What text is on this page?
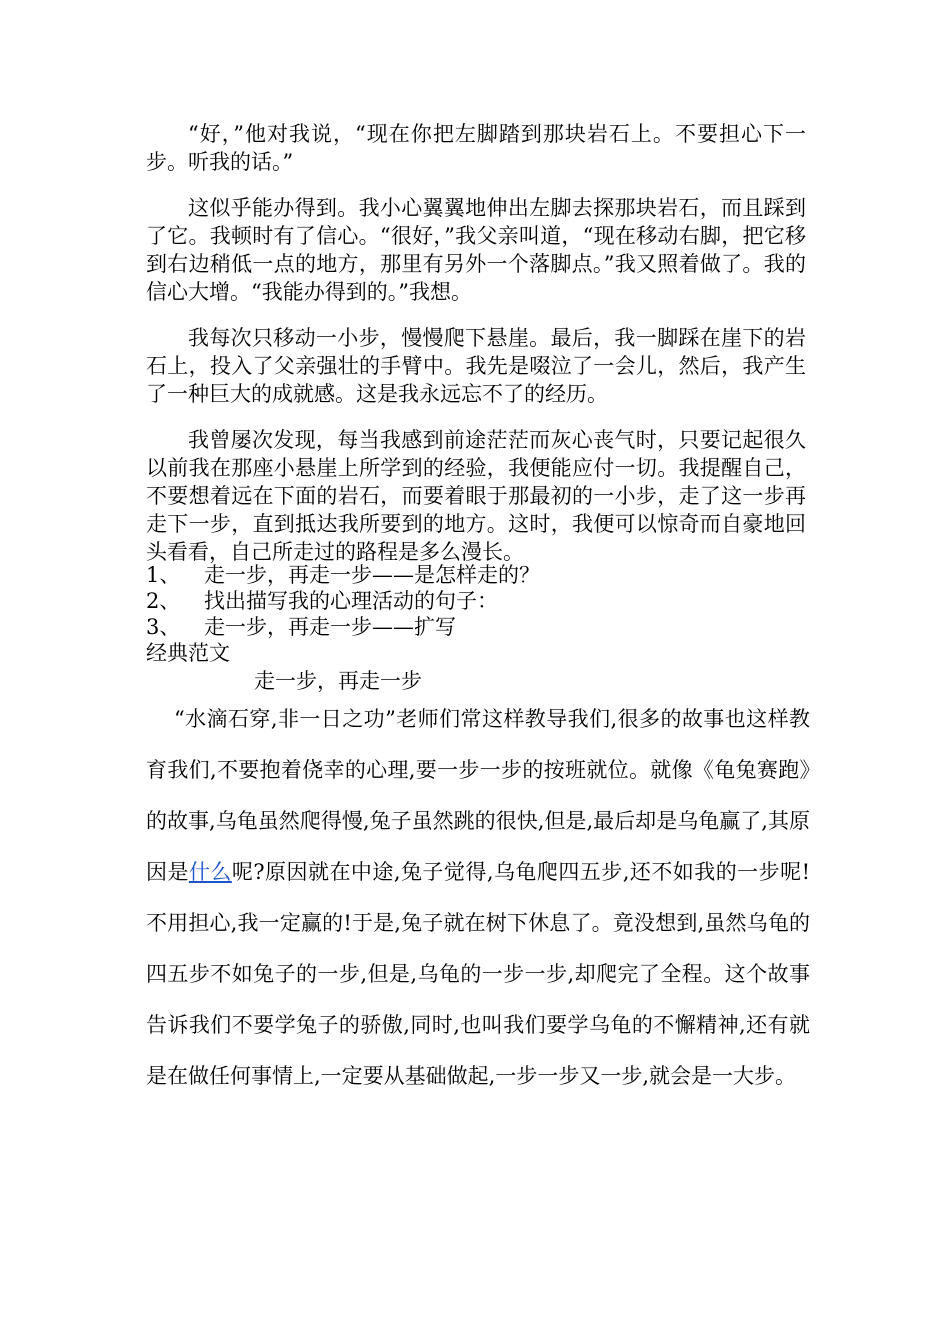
“好，”他对我说，“现在你把左脚踏到那块岩石上。不要担心下一步。听我的话。”

这似乎能办得到。我小心翼翼地伸出左脚去探那块岩石，而且踩到了它。我顿时有了信心。“很好，”我父亲叫道，“现在移动右脚，把它移到右边稍低一点的地方，那里有另外一个落脚点。”我又照着做了。我的信心大增。“我能办得到的。”我想。

我每次只移动一小步，慢慢爬下悬崖。最后，我一脚踩在崖下的岩石上，投入了父亲强壮的手臂中。我先是啜泣了一会儿，然后，我产生了一种巨大的成就感。这是我永远忘不了的经历。

我曾屡次发现，每当我感到前途茫茫而灰心丧气时，只要记起很久以前我在那座小悬崖上所学到的经验，我便能应付一切。我提醒自己，不要想着远在下面的岩石，而要着眼于那最初的一小步，走了这一步再走下一步，直到抵达我所要到的地方。这时，我便可以惊奇而自豪地回头看看，自己所走过的路程是多么漫长。

1、	走一步，再走一步——是怎样走的？
2、	找出描写我的心理活动的句子：
3、	走一步，再走一步——扩写
经典范文
走一步，再走一步

“水滴石穿,非一日之功”老师们常这样教导我们,很多的故事也这样教育我们,不要抱着侥幸的心理,要一步一步的按班就位。就像《龟兔赛跑》的故事,乌龟虽然爬得慢,兔子虽然跳的很快,但是,最后却是乌龟赢了,其原因是什么呢?原因就在中途,兔子觉得,乌龟爬四五步,还不如我的一步呢!不用担心,我一定赢的!于是,兔子就在树下休息了。竟没想到,虽然乌龟的四五步不如兔子的一步,但是,乌龟的一步一步,却爬完了全程。这个故事告诉我们不要学兔子的骄傲,同时,也叫我们要学乌龟的不懈精神,还有就是在做任何事情上,一定要从基础做起,一步一步又一步,就会是一大步。
